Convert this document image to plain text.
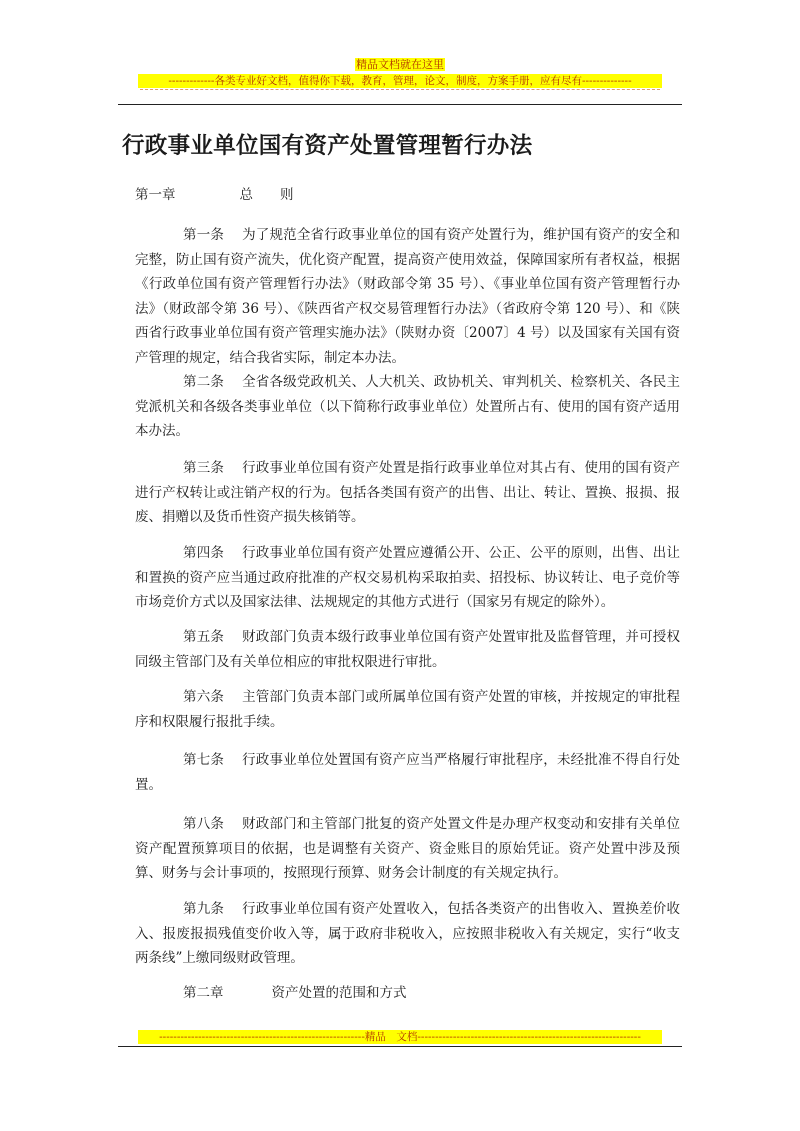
精品文档就在这里
-------------各类专业好文档，值得你下载，教育，管理，论文，制度，方案手册，应有尽有--------------
行政事业单位国有资产处置管理暂行办法
第一章	总　　则

第一条 为了规范全省行政事业单位的国有资产处置行为，维护国有资产的安全和完整，防止国有资产流失，优化资产配置，提高资产使用效益，保障国家所有者权益，根据《行政单位国有资产管理暂行办法》（财政部令第 35 号）、《事业单位国有资产管理暂行办法》（财政部令第 36 号）、《陕西省产权交易管理暂行办法》（省政府令第 120 号）、和《陕西省行政事业单位国有资产管理实施办法》（陕财办资〔2007〕4 号）以及国家有关国有资产管理的规定，结合我省实际，制定本办法。

第二条 全省各级党政机关、人大机关、政协机关、审判机关、检察机关、各民主党派机关和各级各类事业单位（以下简称行政事业单位）处置所占有、使用的国有资产适用本办法。

第三条 行政事业单位国有资产处置是指行政事业单位对其占有、使用的国有资产进行产权转让或注销产权的行为。包括各类国有资产的出售、出让、转让、置换、报损、报废、捐赠以及货币性资产损失核销等。

第四条 行政事业单位国有资产处置应遵循公开、公正、公平的原则，出售、出让和置换的资产应当通过政府批准的产权交易机构采取拍卖、招投标、协议转让、电子竞价等市场竞价方式以及国家法律、法规规定的其他方式进行（国家另有规定的除外）。

第五条 财政部门负责本级行政事业单位国有资产处置审批及监督管理，并可授权同级主管部门及有关单位相应的审批权限进行审批。

第六条 主管部门负责本部门或所属单位国有资产处置的审核，并按规定的审批程序和权限履行报批手续。

第七条 行政事业单位处置国有资产应当严格履行审批程序，未经批准不得自行处置。

第八条 财政部门和主管部门批复的资产处置文件是办理产权变动和安排有关单位资产配置预算项目的依据，也是调整有关资产、资金账目的原始凭证。资产处置中涉及预算、财务与会计事项的，按照现行预算、财务会计制度的有关规定执行。

第九条 行政事业单位国有资产处置收入，包括各类资产的出售收入、置换差价收入、报废报损残值变价收入等，属于政府非税收入，应按照非税收入有关规定，实行“收支两条线”上缴同级财政管理。

第二章	资产处置的范围和方式
----------------------------------------------------------精品　文档---------------------------------------------------------------
